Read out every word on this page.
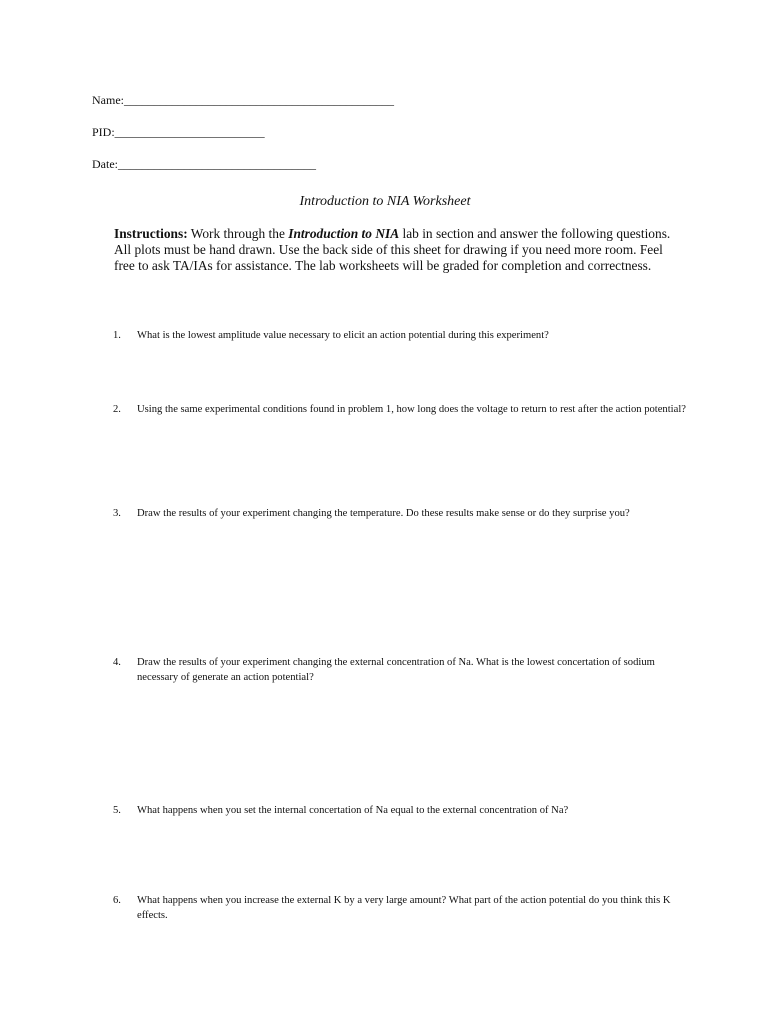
Name:_____________________________________________
PID:_________________________
Date:_________________________________
Introduction to NIA Worksheet
Instructions: Work through the Introduction to NIA lab in section and answer the following questions. All plots must be hand drawn. Use the back side of this sheet for drawing if you need more room. Feel free to ask TA/IAs for assistance. The lab worksheets will be graded for completion and correctness.
1. What is the lowest amplitude value necessary to elicit an action potential during this experiment?
2. Using the same experimental conditions found in problem 1, how long does the voltage to return to rest after the action potential?
3. Draw the results of your experiment changing the temperature. Do these results make sense or do they surprise you?
4. Draw the results of your experiment changing the external concentration of Na. What is the lowest concertation of sodium necessary of generate an action potential?
5. What happens when you set the internal concertation of Na equal to the external concentration of Na?
6. What happens when you increase the external K by a very large amount? What part of the action potential do you think this K effects.
